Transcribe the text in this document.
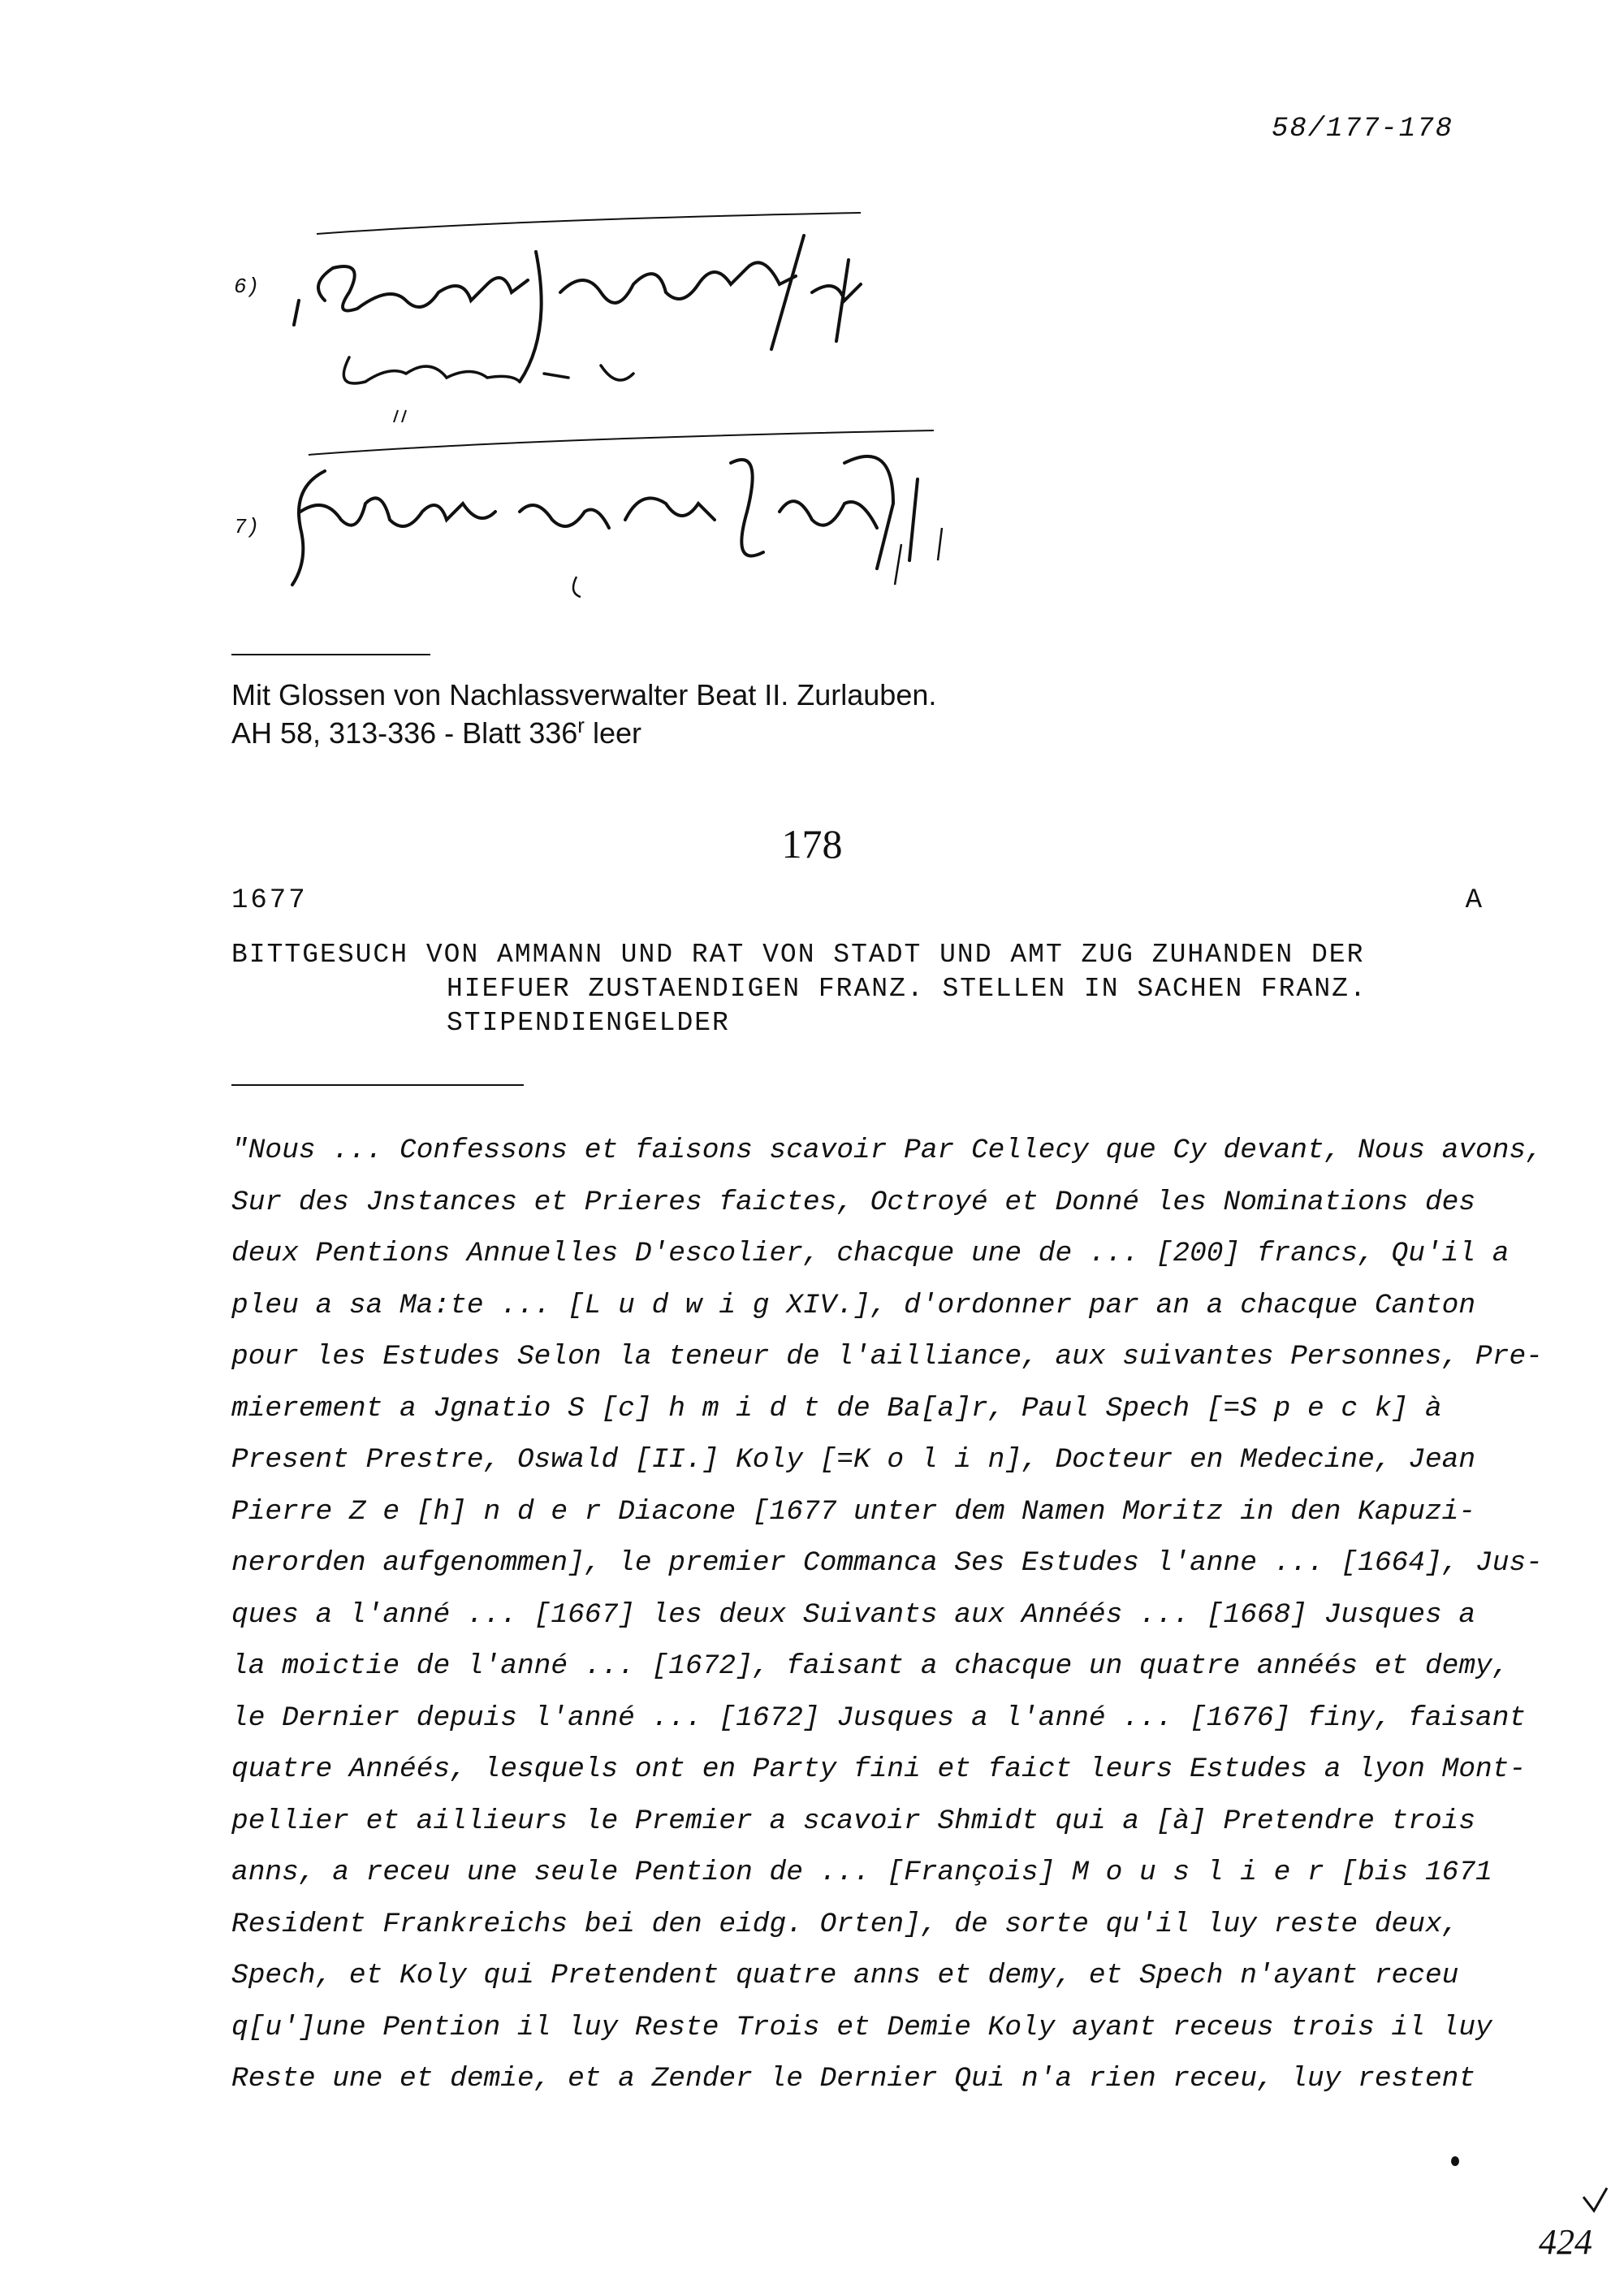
58/177-178
6)
7)
Mit Glossen von Nachlassverwalter Beat II. Zurlauben.
AH 58, 313-336 - Blatt 336$^r$ leer
178
1677	A
BITTGESUCH VON AMMANN UND RAT VON STADT UND AMT ZUG ZUHANDEN DER
HIEFUER ZUSTAENDIGEN FRANZ. STELLEN IN SACHEN FRANZ.
STIPENDIENGELDER
"Nous ... Confessons et faisons scavoir Par Cellecy que Cy devant, Nous avons,
Sur des Jnstances et Prieres faictes, Octroyé et Donné les Nominations des
deux Pentions Annuelles D'escolier, chacque une de ... [200] francs, Qu'il a
pleu a sa Ma:te ... [L u d w i g XIV.], d'ordonner par an a chacque Canton
pour les Estudes Selon la teneur de l'ailliance, aux suivantes Personnes, Pre-
mierement a Jgnatio S [c] h m i d t de Ba[a]r, Paul Spech [=S p e c k] à
Present Prestre, Oswald [II.] Koly [=K o l i n], Docteur en Medecine, Jean
Pierre Z e [h] n d e r Diacone [1677 unter dem Namen Moritz in den Kapuzi-
nerorden aufgenommen], le premier Commanca Ses Estudes l'anne ... [1664], Jus-
ques a l'anné ... [1667] les deux Suivants aux Annéés ... [1668] Jusques a
la moictie de l'anné ... [1672], faisant a chacque un quatre annéés et demy,
le Dernier depuis l'anné ... [1672] Jusques a l'anné ... [1676] finy, faisant
quatre Annéés, lesquels ont en Party fini et faict leurs Estudes a lyon Mont-
pellier et aillieurs le Premier a scavoir Shmidt qui a [à] Pretendre trois
anns, a receu une seule Pention de ... [François] M o u s l i e r [bis 1671
Resident Frankreichs bei den eidg. Orten], de sorte qu'il luy reste deux,
Spech, et Koly qui Pretendent quatre anns et demy, et Spech n'ayant receu
q[u']une Pention il luy Reste Trois et Demie Koly ayant receus trois il luy
Reste une et demie, et a Zender le Dernier Qui n'a rien receu, luy restent
424
